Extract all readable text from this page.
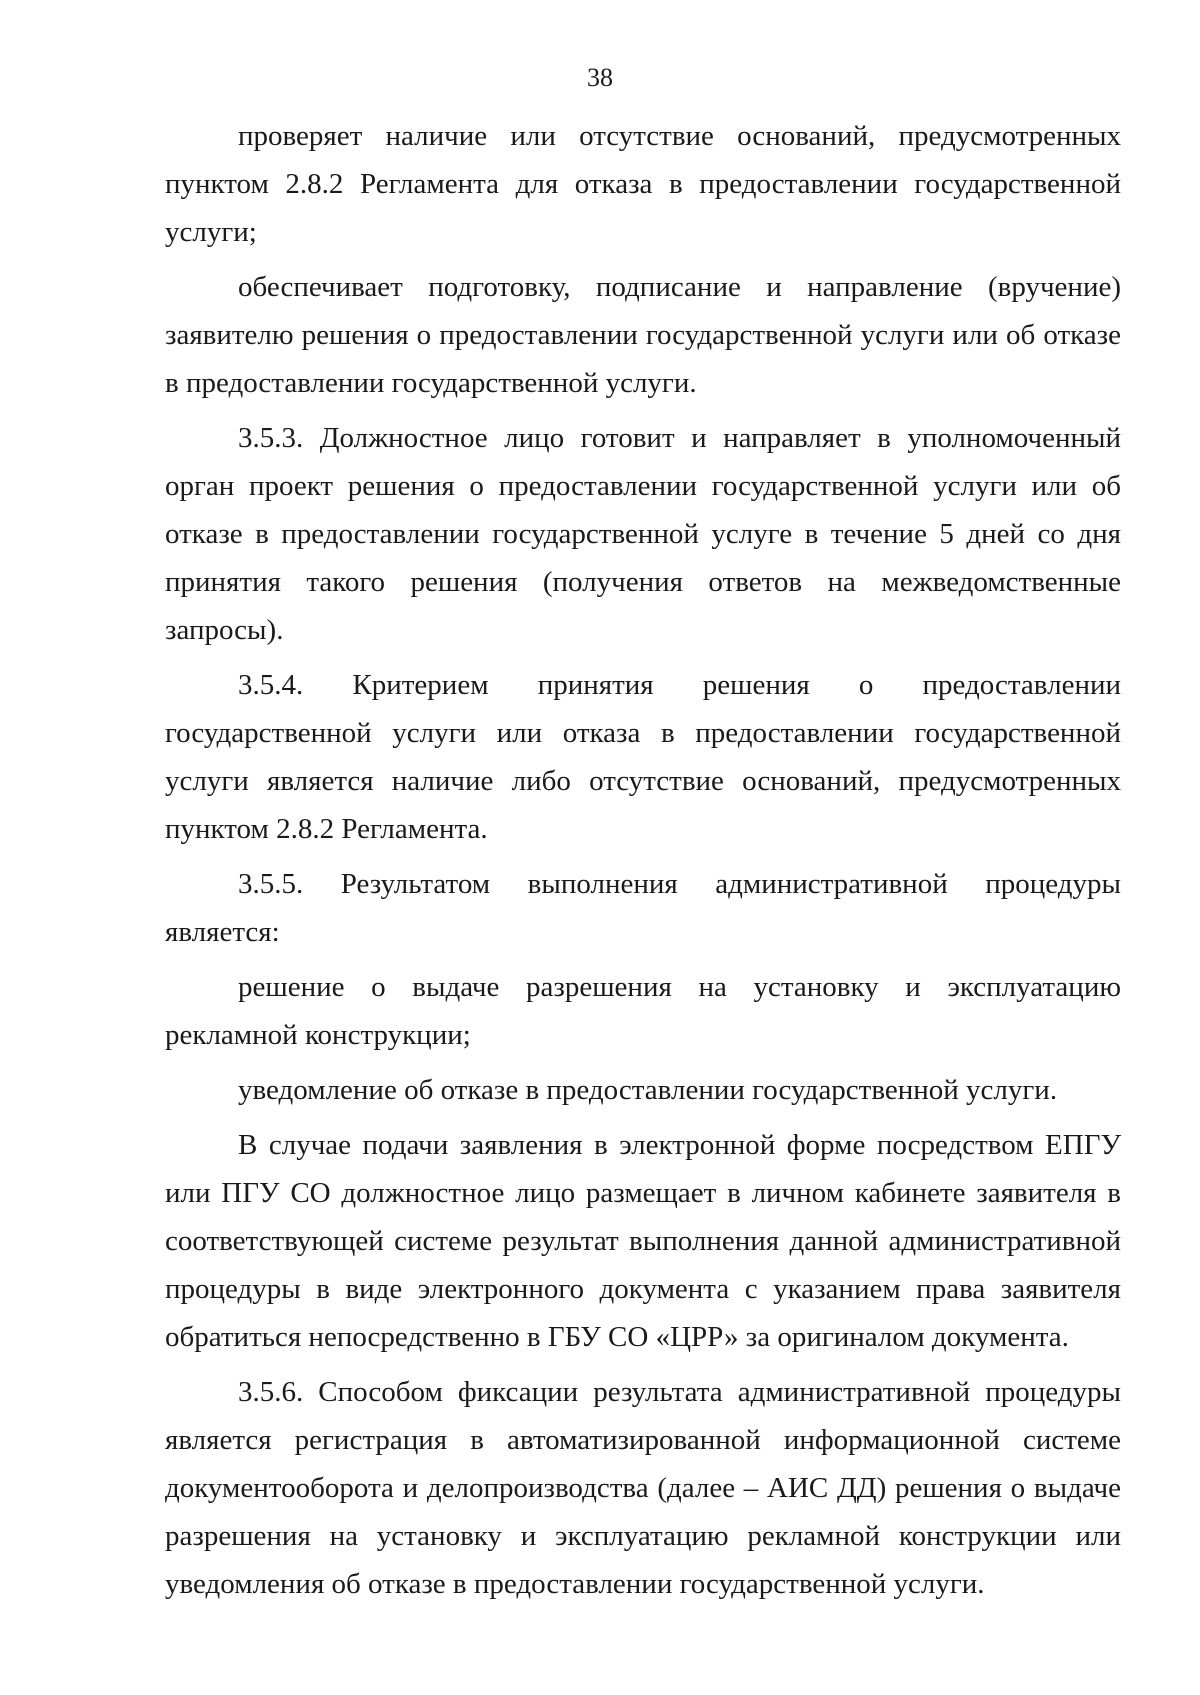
38

проверяет наличие или отсутствие оснований, предусмотренных пунктом 2.8.2 Регламента для отказа в предоставлении государственной услуги;

обеспечивает подготовку, подписание и направление (вручение) заявителю решения о предоставлении государственной услуги или об отказе в предоставлении государственной услуги.

3.5.3. Должностное лицо готовит и направляет в уполномоченный орган проект решения о предоставлении государственной услуги или об отказе в предоставлении государственной услуге в течение 5 дней со дня принятия такого решения (получения ответов на межведомственные запросы).

3.5.4. Критерием принятия решения о предоставлении государственной услуги или отказа в предоставлении государственной услуги является наличие либо отсутствие оснований, предусмотренных пунктом 2.8.2 Регламента.

3.5.5. Результатом выполнения административной процедуры является:

решение о выдаче разрешения на установку и эксплуатацию рекламной конструкции;

уведомление об отказе в предоставлении государственной услуги.

В случае подачи заявления в электронной форме посредством ЕПГУ или ПГУ СО должностное лицо размещает в личном кабинете заявителя в соответствующей системе результат выполнения данной административной процедуры в виде электронного документа с указанием права заявителя обратиться непосредственно в ГБУ СО «ЦРР» за оригиналом документа.

3.5.6. Способом фиксации результата административной процедуры является регистрация в автоматизированной информационной системе документооборота и делопроизводства (далее – АИС ДД) решения о выдаче разрешения на установку и эксплуатацию рекламной конструкции или уведомления об отказе в предоставлении государственной услуги.
